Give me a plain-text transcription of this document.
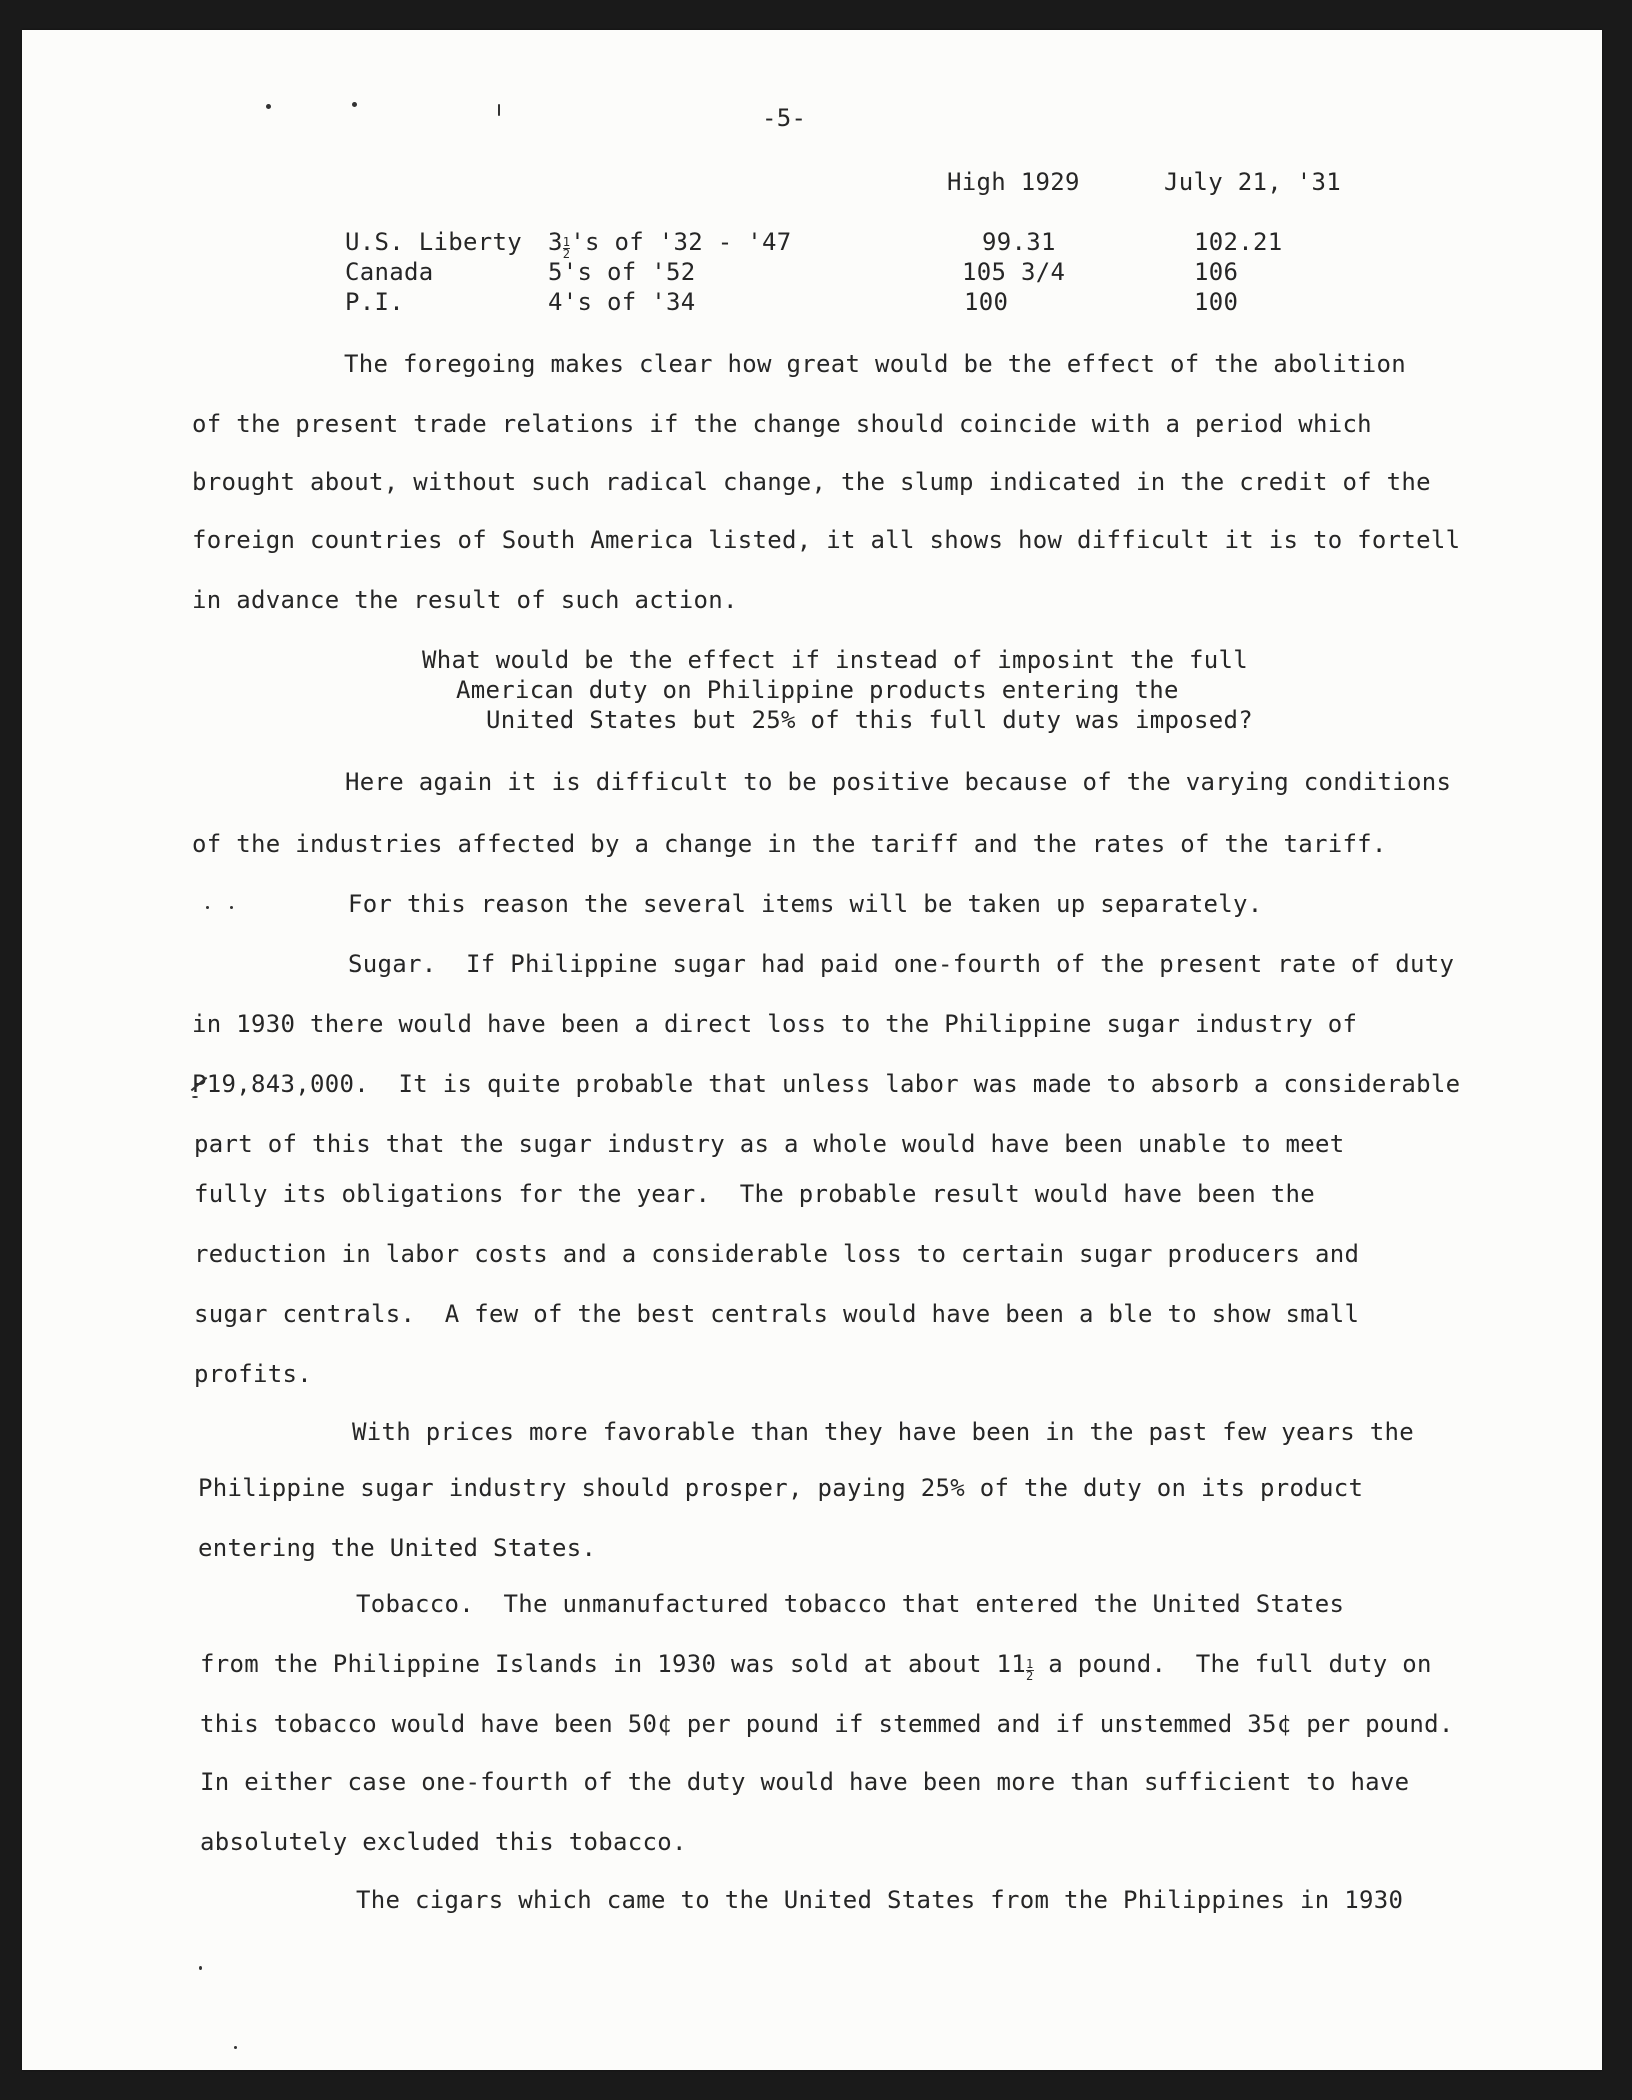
-5-
High 1929	July 21, '31
U.S. Liberty $3 \frac{1}{2}$ 's of '32 - '47	99.31	102.21
Canada	5's of '52	105 3/4	106
P.I.	4's of '34	100	100
The foregoing makes clear how great would be the effect of the abolition
of the present trade relations if the change should coincide with a period which
brought about, without such radical change, the slump indicated in the credit of the
foreign countries of South America listed, it all shows how difficult it is to fortell
in advance the result of such action.
What would be the effect if instead of imposint the full
American duty on Philippine products entering the
United States but 25% of this full duty was imposed?
Here again it is difficult to be positive because of the varying conditions
of the industries affected by a change in the tariff and the rates of the tariff.
For this reason the several items will be taken up separately.
Sugar.  If Philippine sugar had paid one-fourth of the present rate of duty
in 1930 there would have been a direct loss to the Philippine sugar industry of
P19,843,000.  It is quite probable that unless labor was made to absorb a considerable
part of this that the sugar industry as a whole would have been unable to meet
fully its obligations for the year.  The probable result would have been the
reduction in labor costs and a considerable loss to certain sugar producers and
sugar centrals.  A few of the best centrals would have been a ble to show small
profits.
With prices more favorable than they have been in the past few years the
Philippine sugar industry should prosper, paying 25% of the duty on its product
entering the United States.
Tobacco.  The unmanufactured tobacco that entered the United States
from the Philippine Islands in 1930 was sold at about $11 \frac{1}{2}$ a pound.  The full duty on
this tobacco would have been 50¢ per pound if stemmed and if unstemmed 35¢ per pound.
In either case one-fourth of the duty would have been more than sufficient to have
absolutely excluded this tobacco.
The cigars which came to the United States from the Philippines in 1930
